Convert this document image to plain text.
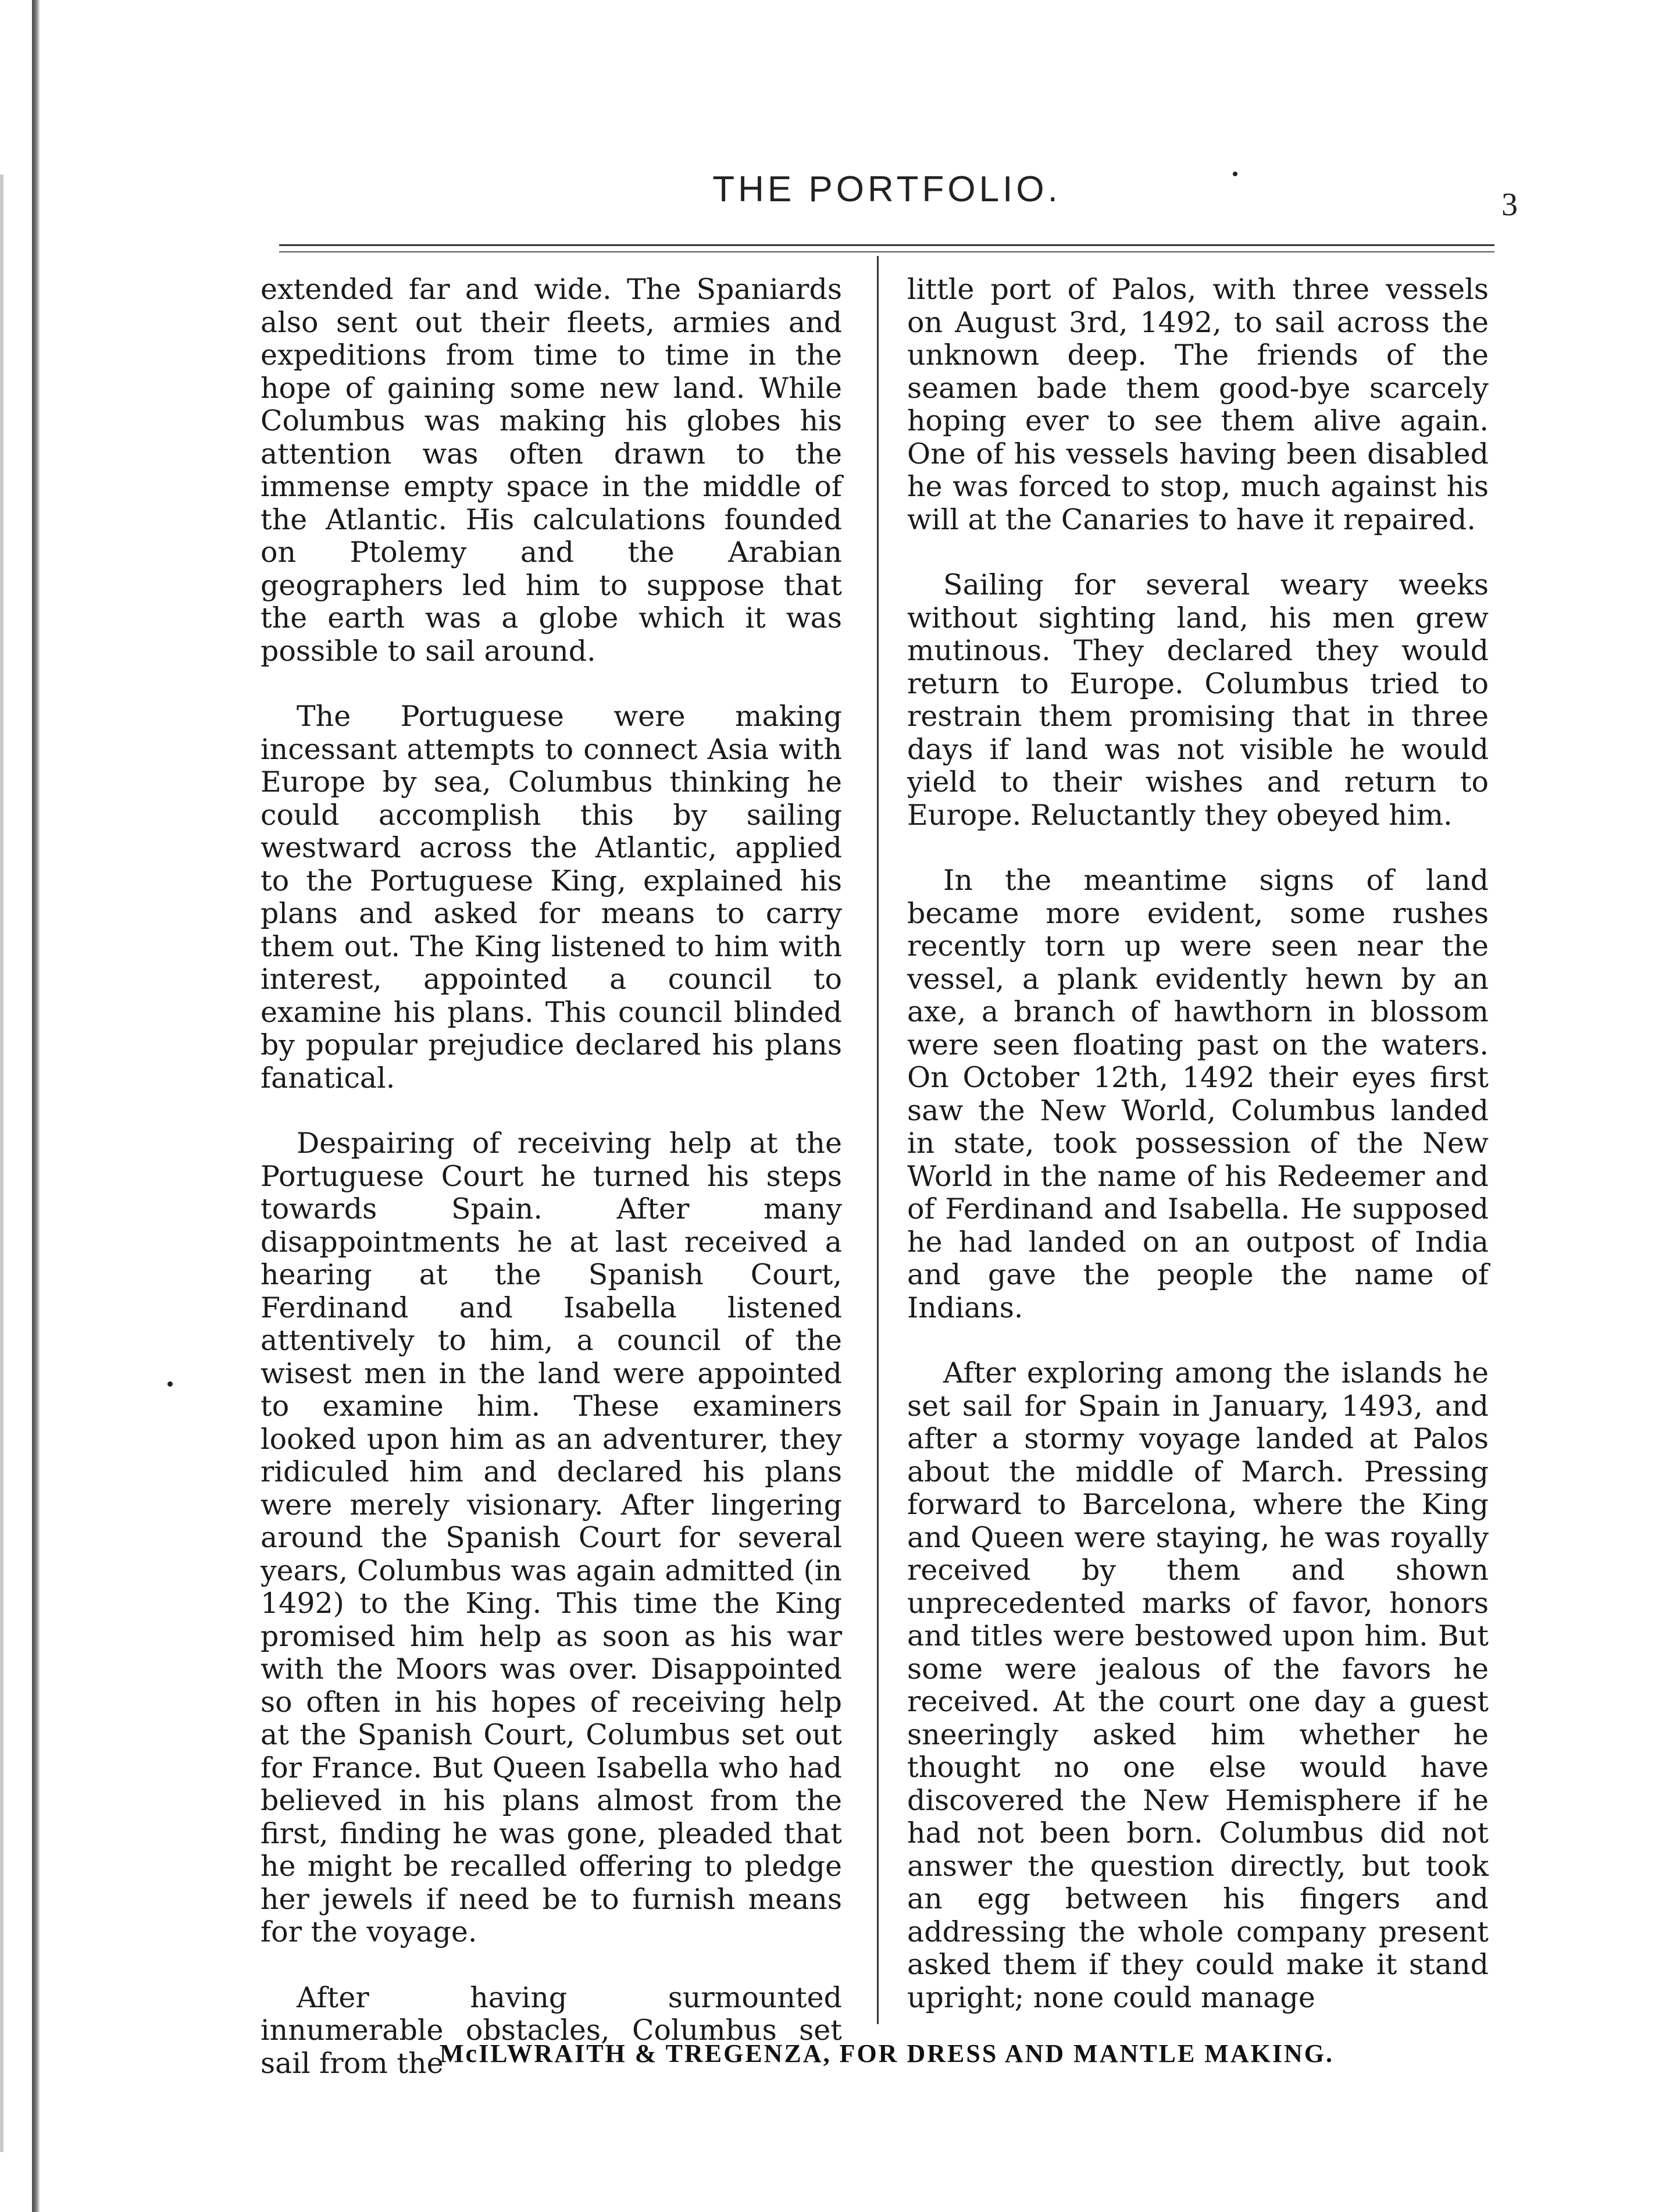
THE PORTFOLIO.	3

extended far and wide. The Spaniards also sent out their fleets, armies and expeditions from time to time in the hope of gaining some new land. While Columbus was making his globes his attention was often drawn to the immense empty space in the middle of the Atlantic. His calculations founded on Ptolemy and the Arabian geographers led him to suppose that the earth was a globe which it was possible to sail around.

The Portuguese were making incessant attempts to connect Asia with Europe by sea, Columbus thinking he could accomplish this by sailing westward across the Atlantic, applied to the Portuguese King, explained his plans and asked for means to carry them out. The King listened to him with interest, appointed a council to examine his plans. This council blinded by popular prejudice declared his plans fanatical.

Despairing of receiving help at the Portuguese Court he turned his steps towards Spain. After many disappointments he at last received a hearing at the Spanish Court, Ferdinand and Isabella listened attentively to him, a council of the wisest men in the land were appointed to examine him. These examiners looked upon him as an adventurer, they ridiculed him and declared his plans were merely visionary. After lingering around the Spanish Court for several years, Columbus was again admitted (in 1492) to the King. This time the King promised him help as soon as his war with the Moors was over. Disappointed so often in his hopes of receiving help at the Spanish Court, Columbus set out for France. But Queen Isabella who had believed in his plans almost from the first, finding he was gone, pleaded that he might be recalled offering to pledge her jewels if need be to furnish means for the voyage.

After having surmounted innumerable obstacles, Columbus set sail from the

little port of Palos, with three vessels on August 3rd, 1492, to sail across the unknown deep. The friends of the seamen bade them good-bye scarcely hoping ever to see them alive again. One of his vessels having been disabled he was forced to stop, much against his will at the Canaries to have it repaired.

Sailing for several weary weeks without sighting land, his men grew mutinous. They declared they would return to Europe. Columbus tried to restrain them promising that in three days if land was not visible he would yield to their wishes and return to Europe. Reluctantly they obeyed him.

In the meantime signs of land became more evident, some rushes recently torn up were seen near the vessel, a plank evidently hewn by an axe, a branch of hawthorn in blossom were seen floating past on the waters. On October 12th, 1492 their eyes first saw the New World, Columbus landed in state, took possession of the New World in the name of his Redeemer and of Ferdinand and Isabella. He supposed he had landed on an outpost of India and gave the people the name of Indians.

After exploring among the islands he set sail for Spain in January, 1493, and after a stormy voyage landed at Palos about the middle of March. Pressing forward to Barcelona, where the King and Queen were staying, he was royally received by them and shown unprecedented marks of favor, honors and titles were bestowed upon him. But some were jealous of the favors he received. At the court one day a guest sneeringly asked him whether he thought no one else would have discovered the New Hemisphere if he had not been born. Columbus did not answer the question directly, but took an egg between his fingers and addressing the whole company present asked them if they could make it stand upright; none could manage

McILWRAITH & TREGENZA, FOR DRESS AND MANTLE MAKING.
